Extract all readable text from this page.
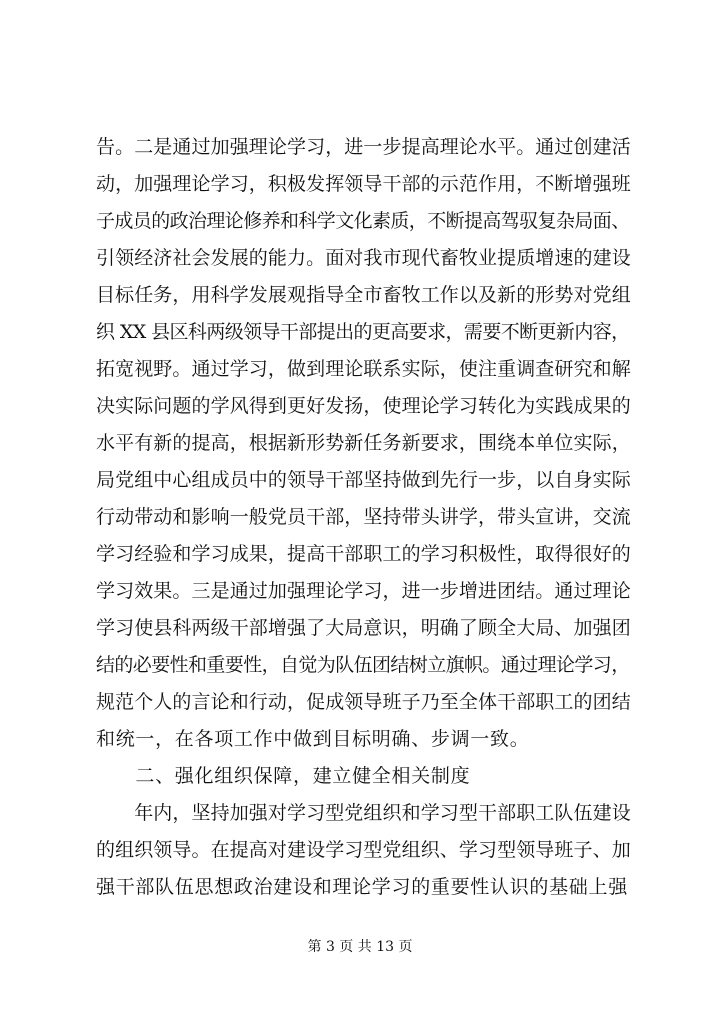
告。二是通过加强理论学习，进一步提高理论水平。通过创建活
动，加强理论学习，积极发挥领导干部的示范作用，不断增强班
子成员的政治理论修养和科学文化素质，不断提高驾驭复杂局面、
引领经济社会发展的能力。面对我市现代畜牧业提质增速的建设
目标任务，用科学发展观指导全市畜牧工作以及新的形势对党组
织 XX 县区科两级领导干部提出的更高要求，需要不断更新内容，
拓宽视野。通过学习，做到理论联系实际，使注重调查研究和解
决实际问题的学风得到更好发扬，使理论学习转化为实践成果的
水平有新的提高，根据新形势新任务新要求，围绕本单位实际，
局党组中心组成员中的领导干部坚持做到先行一步，以自身实际
行动带动和影响一般党员干部，坚持带头讲学，带头宣讲，交流
学习经验和学习成果，提高干部职工的学习积极性，取得很好的
学习效果。三是通过加强理论学习，进一步增进团结。通过理论
学习使县科两级干部增强了大局意识，明确了顾全大局、加强团
结的必要性和重要性，自觉为队伍团结树立旗帜。通过理论学习，
规范个人的言论和行动，促成领导班子乃至全体干部职工的团结
和统一，在各项工作中做到目标明确、步调一致。
　　二、强化组织保障，建立健全相关制度
　　年内，坚持加强对学习型党组织和学习型干部职工队伍建设
的组织领导。在提高对建设学习型党组织、学习型领导班子、加
强干部队伍思想政治建设和理论学习的重要性认识的基础上强
第 3 页 共 13 页
